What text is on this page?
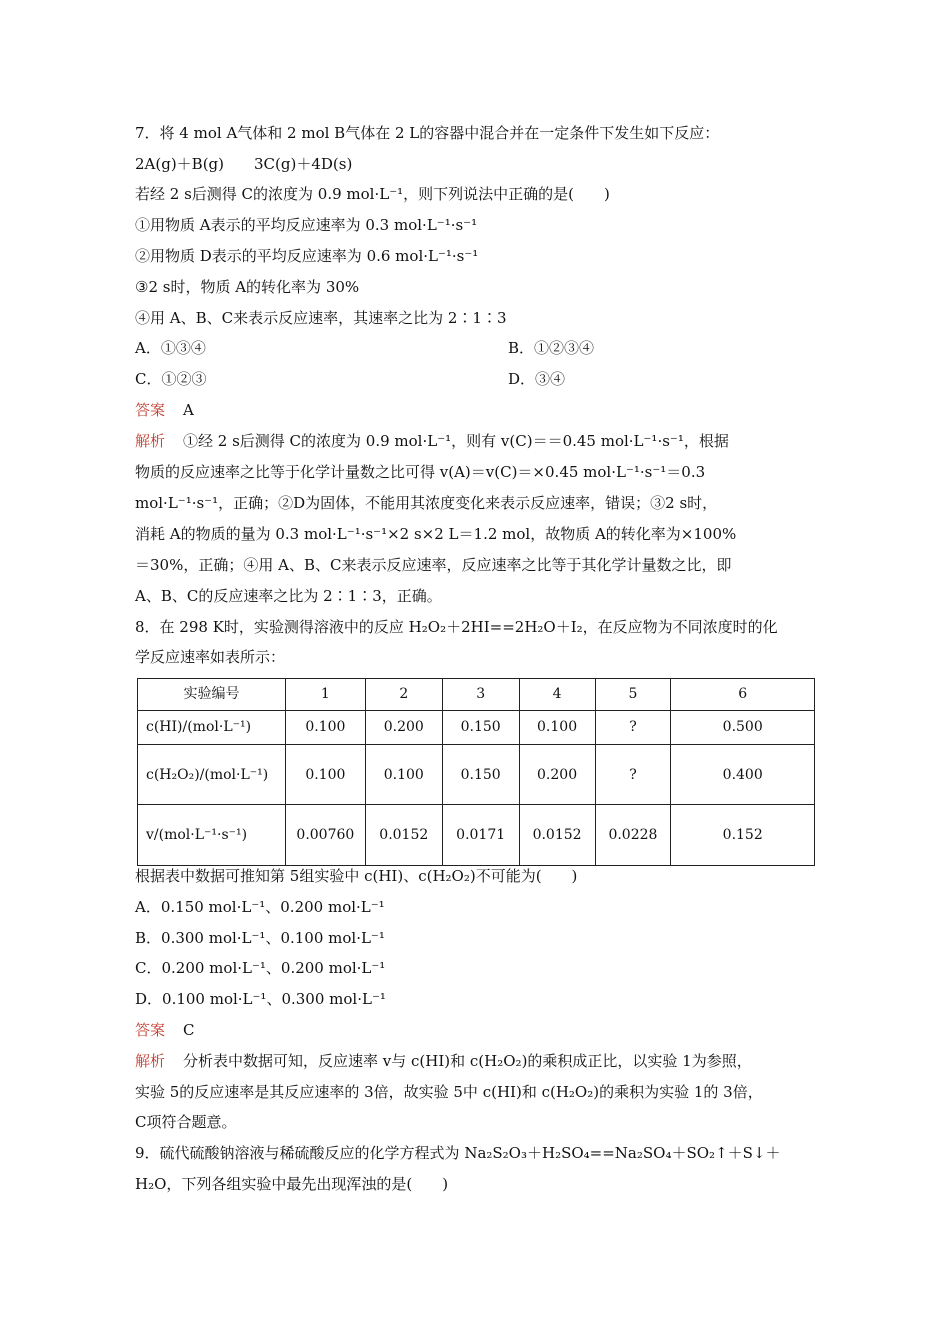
7．将 4 mol A气体和 2 mol B气体在 2 L的容器中混合并在一定条件下发生如下反应：
2A(g)＋B(g)　　3C(g)＋4D(s)
若经 2 s后测得 C的浓度为 0.9 mol·L⁻¹，则下列说法中正确的是(　　)
①用物质 A表示的平均反应速率为 0.3 mol·L⁻¹·s⁻¹
②用物质 D表示的平均反应速率为 0.6 mol·L⁻¹·s⁻¹
③2 s时，物质 A的转化率为 30%
④用 A、B、C来表示反应速率，其速率之比为 2∶1∶3
A．①③④	B．①②③④
C．①②③	D．③④
答案 A
解析 ①经 2 s后测得 C的浓度为 0.9 mol·L⁻¹，则有 v(C)＝＝0.45 mol·L⁻¹·s⁻¹，根据
物质的反应速率之比等于化学计量数之比可得 v(A)＝v(C)＝×0.45 mol·L⁻¹·s⁻¹＝0.3
mol·L⁻¹·s⁻¹，正确；②D为固体，不能用其浓度变化来表示反应速率，错误；③2 s时，
消耗 A的物质的量为 0.3 mol·L⁻¹·s⁻¹×2 s×2 L＝1.2 mol，故物质 A的转化率为×100%
＝30%，正确；④用 A、B、C来表示反应速率，反应速率之比等于其化学计量数之比，即
A、B、C的反应速率之比为 2∶1∶3，正确。
8．在 298 K时，实验测得溶液中的反应 H₂O₂＋2HI==2H₂O＋I₂，在反应物为不同浓度时的化
学反应速率如表所示：
实验编号	1	2	3	4	5	6
c(HI)/(mol·L⁻¹)	0.100	0.200	0.150	0.100	?	0.500
c(H₂O₂)/(mol·L⁻¹)	0.100	0.100	0.150	0.200	?	0.400
v/(mol·L⁻¹·s⁻¹)	0.00760	0.0152	0.0171	0.0152	0.0228	0.152
根据表中数据可推知第 5组实验中 c(HI)、c(H₂O₂)不可能为(　　)
A．0.150 mol·L⁻¹、0.200 mol·L⁻¹
B．0.300 mol·L⁻¹、0.100 mol·L⁻¹
C．0.200 mol·L⁻¹、0.200 mol·L⁻¹
D．0.100 mol·L⁻¹、0.300 mol·L⁻¹
答案 C
解析 分析表中数据可知，反应速率 v与 c(HI)和 c(H₂O₂)的乘积成正比，以实验 1为参照，
实验 5的反应速率是其反应速率的 3倍，故实验 5中 c(HI)和 c(H₂O₂)的乘积为实验 1的 3倍，
C项符合题意。
9．硫代硫酸钠溶液与稀硫酸反应的化学方程式为 Na₂S₂O₃＋H₂SO₄==Na₂SO₄＋SO₂↑＋S↓＋
H₂O，下列各组实验中最先出现浑浊的是(　　)
